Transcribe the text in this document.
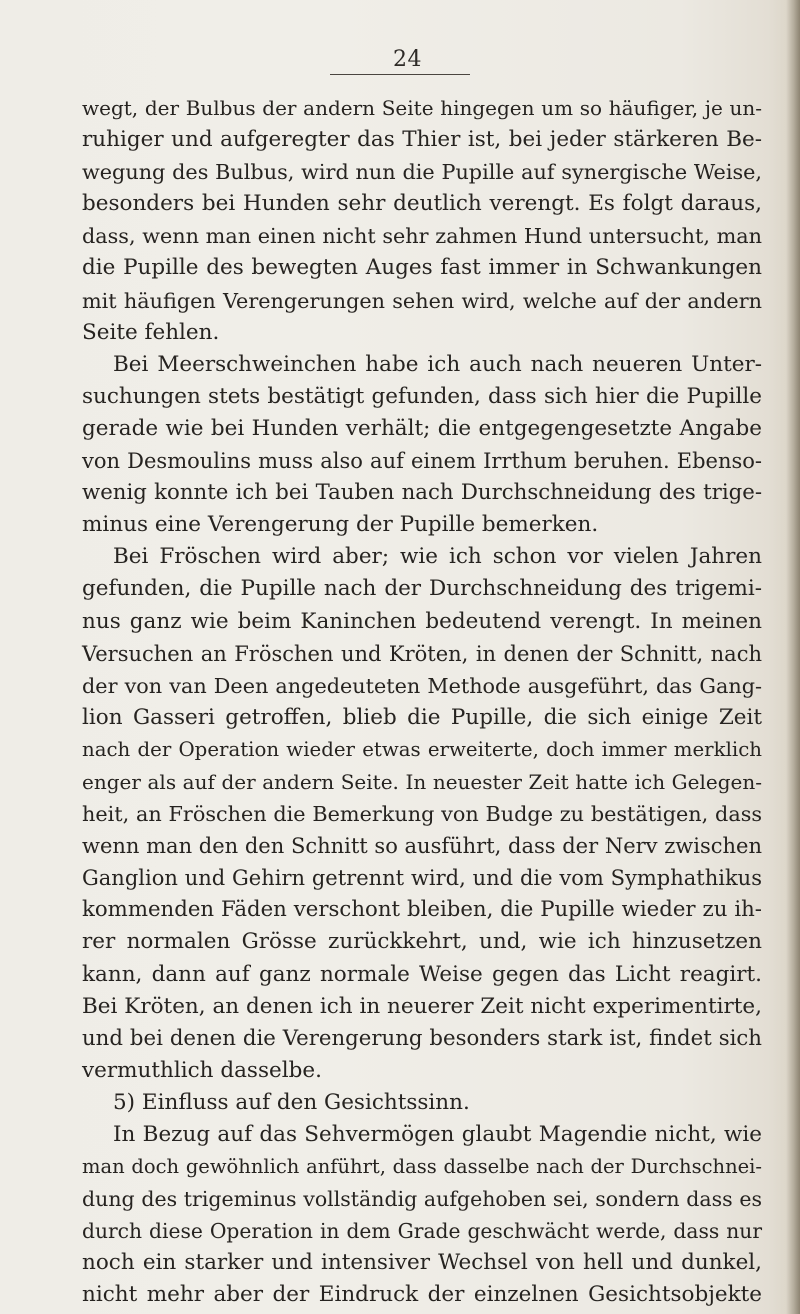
24
wegt, der Bulbus der andern Seite hingegen um so häufiger, je un-
ruhiger und aufgeregter das Thier ist, bei jeder stärkeren Be-
wegung des Bulbus, wird nun die Pupille auf synergische Weise,
besonders bei Hunden sehr deutlich verengt. Es folgt daraus,
dass, wenn man einen nicht sehr zahmen Hund untersucht, man
die Pupille des bewegten Auges fast immer in Schwankungen
mit häufigen Verengerungen sehen wird, welche auf der andern
Seite fehlen.
Bei Meerschweinchen habe ich auch nach neueren Unter-
suchungen stets bestätigt gefunden, dass sich hier die Pupille
gerade wie bei Hunden verhält; die entgegengesetzte Angabe
von Desmoulins muss also auf einem Irrthum beruhen. Ebenso-
wenig konnte ich bei Tauben nach Durchschneidung des trige-
minus eine Verengerung der Pupille bemerken.
Bei Fröschen wird aber; wie ich schon vor vielen Jahren
gefunden, die Pupille nach der Durchschneidung des trigemi-
nus ganz wie beim Kaninchen bedeutend verengt. In meinen
Versuchen an Fröschen und Kröten, in denen der Schnitt, nach
der von van Deen angedeuteten Methode ausgeführt, das Gang-
lion Gasseri getroffen, blieb die Pupille, die sich einige Zeit
nach der Operation wieder etwas erweiterte, doch immer merklich
enger als auf der andern Seite. In neuester Zeit hatte ich Gelegen-
heit, an Fröschen die Bemerkung von Budge zu bestätigen, dass
wenn man den den Schnitt so ausführt, dass der Nerv zwischen
Ganglion und Gehirn getrennt wird, und die vom Symphathikus
kommenden Fäden verschont bleiben, die Pupille wieder zu ih-
rer normalen Grösse zurückkehrt, und, wie ich hinzusetzen
kann, dann auf ganz normale Weise gegen das Licht reagirt.
Bei Kröten, an denen ich in neuerer Zeit nicht experimentirte,
und bei denen die Verengerung besonders stark ist, findet sich
vermuthlich dasselbe.
5) Einfluss auf den Gesichtssinn.
In Bezug auf das Sehvermögen glaubt Magendie nicht, wie
man doch gewöhnlich anführt, dass dasselbe nach der Durchschnei-
dung des trigeminus vollständig aufgehoben sei, sondern dass es
durch diese Operation in dem Grade geschwächt werde, dass nur
noch ein starker und intensiver Wechsel von hell und dunkel,
nicht mehr aber der Eindruck der einzelnen Gesichtsobjekte
